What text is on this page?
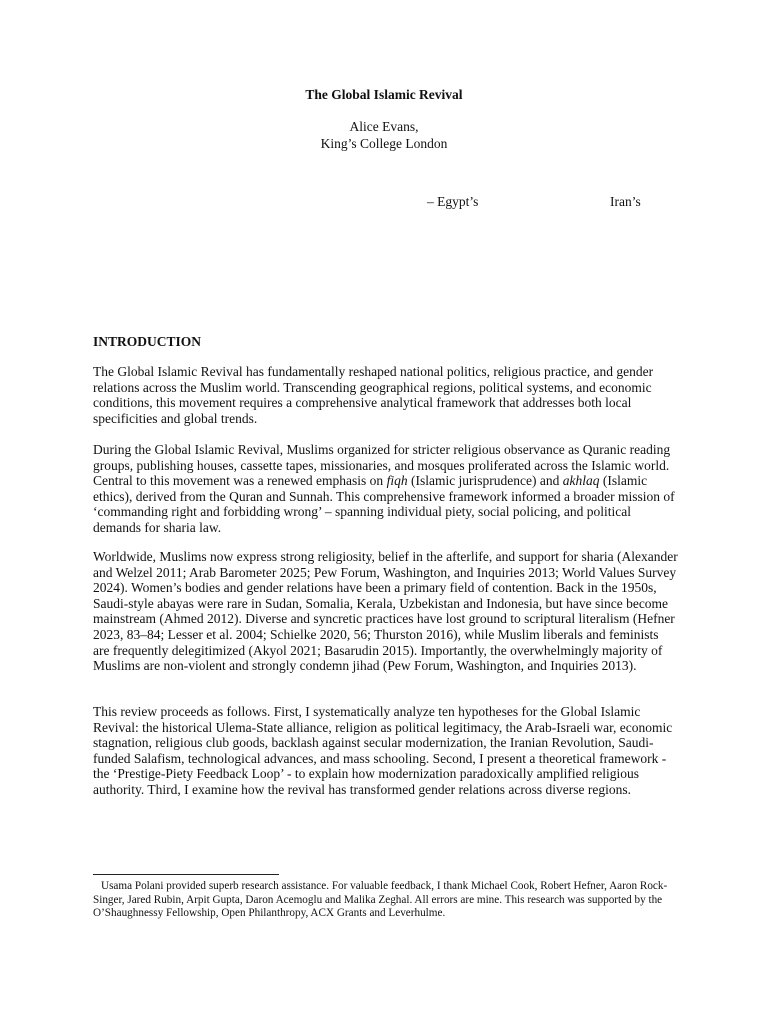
The Global Islamic Revival
Alice Evans,
King’s College London
– Egypt’s	Iran’s
INTRODUCTION

The Global Islamic Revival has fundamentally reshaped national politics, religious practice, and gender relations across the Muslim world. Transcending geographical regions, political systems, and economic conditions, this movement requires a comprehensive analytical framework that addresses both local specificities and global trends.

During the Global Islamic Revival, Muslims organized for stricter religious observance as Quranic reading groups, publishing houses, cassette tapes, missionaries, and mosques proliferated across the Islamic world. Central to this movement was a renewed emphasis on fiqh (Islamic jurisprudence) and akhlaq (Islamic ethics), derived from the Quran and Sunnah. This comprehensive framework informed a broader mission of ‘commanding right and forbidding wrong’ – spanning individual piety, social policing, and political demands for sharia law.

Worldwide, Muslims now express strong religiosity, belief in the afterlife, and support for sharia (Alexander and Welzel 2011; Arab Barometer 2025; Pew Forum, Washington, and Inquiries 2013; World Values Survey 2024). Women’s bodies and gender relations have been a primary field of contention. Back in the 1950s, Saudi-style abayas were rare in Sudan, Somalia, Kerala, Uzbekistan and Indonesia, but have since become mainstream (Ahmed 2012). Diverse and syncretic practices have lost ground to scriptural literalism (Hefner 2023, 83–84; Lesser et al. 2004; Schielke 2020, 56; Thurston 2016), while Muslim liberals and feminists are frequently delegitimized (Akyol 2021; Basarudin 2015). Importantly, the overwhelmingly majority of Muslims are non-violent and strongly condemn jihad (Pew Forum, Washington, and Inquiries 2013).

This review proceeds as follows. First, I systematically analyze ten hypotheses for the Global Islamic Revival: the historical Ulema-State alliance, religion as political legitimacy, the Arab-Israeli war, economic stagnation, religious club goods, backlash against secular modernization, the Iranian Revolution, Saudi-funded Salafism, technological advances, and mass schooling. Second, I present a theoretical framework - the ‘Prestige-Piety Feedback Loop’ - to explain how modernization paradoxically amplified religious authority. Third, I examine how the revival has transformed gender relations across diverse regions.

Usama Polani provided superb research assistance. For valuable feedback, I thank Michael Cook, Robert Hefner, Aaron Rock-Singer, Jared Rubin, Arpit Gupta, Daron Acemoglu and Malika Zeghal. All errors are mine. This research was supported by the O’Shaughnessy Fellowship, Open Philanthropy, ACX Grants and Leverhulme.
